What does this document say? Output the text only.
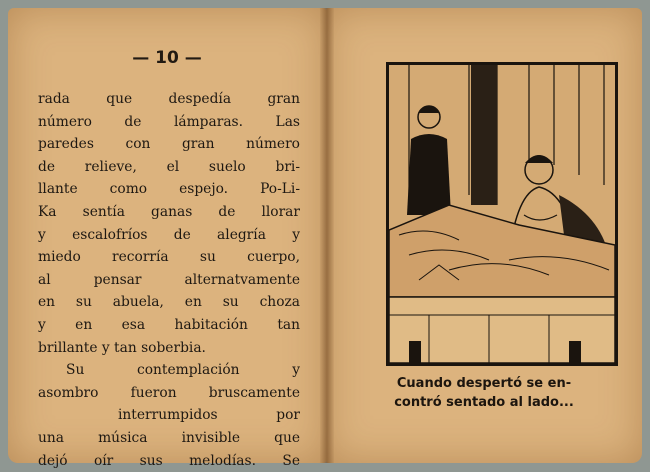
— 10 —
rada que despedía gran
número de lámparas. Las
paredes con gran número
de relieve, el suelo bri-
llante como espejo. Po-Li-
Ka sentía ganas de llorar
y escalofríos de alegría y
miedo recorría su cuerpo,
al pensar alternatvamente
en su abuela, en su choza
y en esa habitación tan
brillante y tan soberbia.
Su contemplación y
asombro fueron bruscamente
interrumpidos por
una música invisible que
dejó oír sus melodías. Se
Cuando despertó se en-
contró sentado al lado...
